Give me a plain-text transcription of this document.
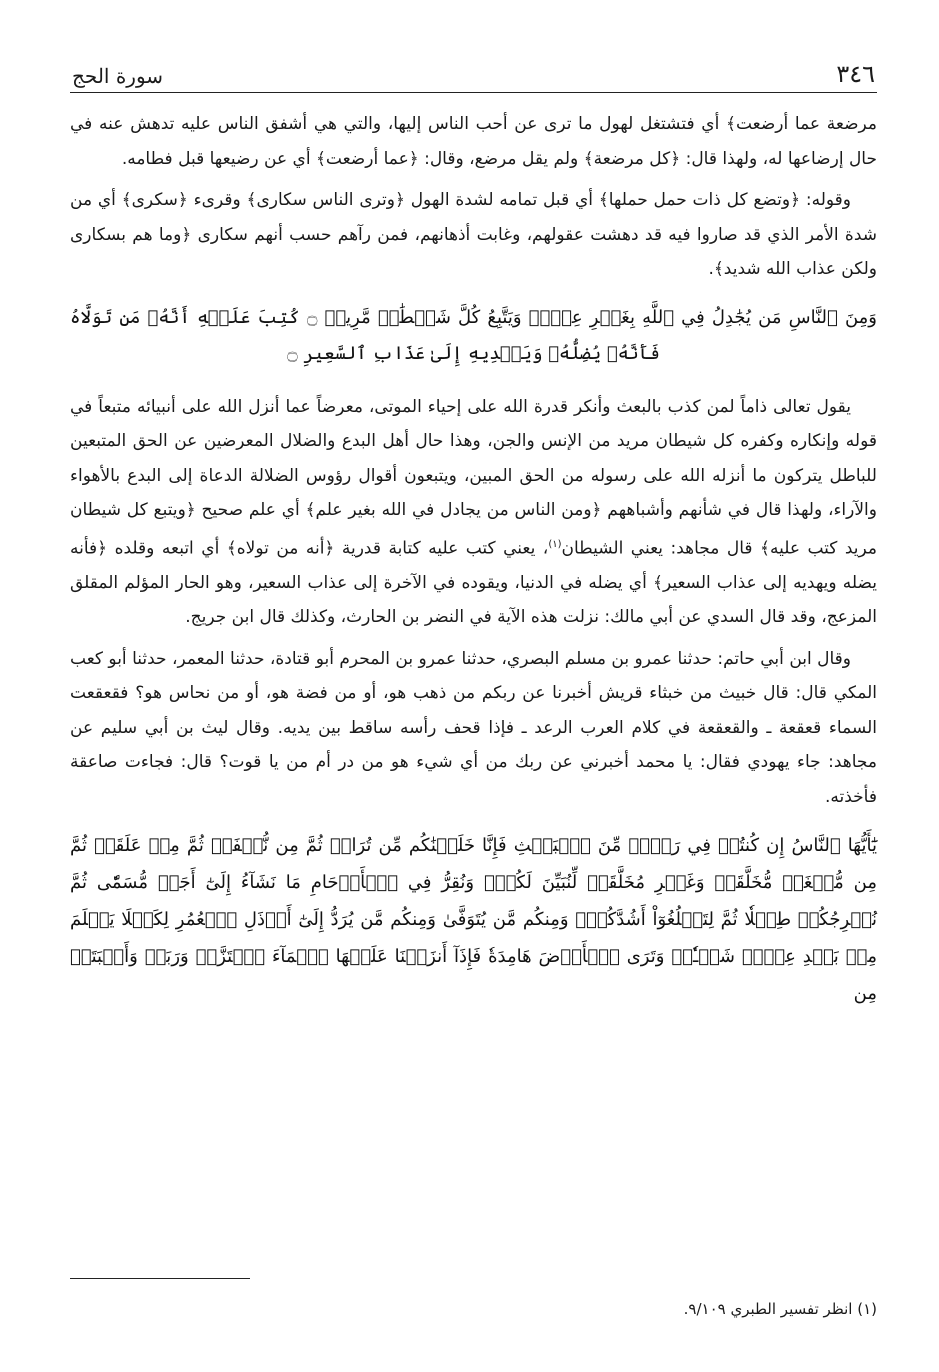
٣٤٦
سورة الحج

مرضعة عما أرضعت﴾ أي فتشتغل لهول ما ترى عن أحب الناس إليها، والتي هي أشفق الناس عليه تدهش عنه في حال إرضاعها له، ولهذا قال: ﴿كل مرضعة﴾ ولم يقل مرضع، وقال: ﴿عما أرضعت﴾ أي عن رضيعها قبل فطامه.

وقوله: ﴿وتضع كل ذات حمل حملها﴾ أي قبل تمامه لشدة الهول ﴿وترى الناس سكارى﴾ وقرىء ﴿سكرى﴾ أي من شدة الأمر الذي قد صاروا فيه قد دهشت عقولهم، وغابت أذهانهم، فمن رآهم حسب أنهم سكارى ﴿وما هم بسكارى ولكن عذاب الله شديد﴾.

وَمِنَ ٱلنَّاسِ مَن يُجَٰدِلُ فِي ٱللَّهِ بِغَيۡرِ عِلۡمٖ وَيَتَّبِعُ كُلَّ شَيۡطَٰنٖ مَّرِيدٖ ۝ كُتِبَ عَلَيۡهِ أَنَّهُۥ مَن تَوَلَّاهُ فَأَنَّهُۥ يُضِلُّهُۥ وَيَهۡدِيهِ إِلَىٰ عَذَابِ ٱلسَّعِيرِ ۝

يقول تعالى ذاماً لمن كذب بالبعث وأنكر قدرة الله على إحياء الموتى، معرضاً عما أنزل الله على أنبيائه متبعاً في قوله وإنكاره وكفره كل شيطان مريد من الإنس والجن، وهذا حال أهل البدع والضلال المعرضين عن الحق المتبعين للباطل يتركون ما أنزله الله على رسوله من الحق المبين، ويتبعون أقوال رؤوس الضلالة الدعاة إلى البدع بالأهواء والآراء، ولهذا قال في شأنهم وأشباههم ﴿ومن الناس من يجادل في الله بغير علم﴾ أي علم صحيح ﴿ويتبع كل شيطان مريد كتب عليه﴾ قال مجاهد: يعني الشيطان$^{(١)}$، يعني كتب عليه كتابة قدرية ﴿أنه من تولاه﴾ أي اتبعه وقلده ﴿فأنه يضله ويهديه إلى عذاب السعير﴾ أي يضله في الدنيا، ويقوده في الآخرة إلى عذاب السعير، وهو الحار المؤلم المقلق المزعج، وقد قال السدي عن أبي مالك: نزلت هذه الآية في النضر بن الحارث، وكذلك قال ابن جريج.

وقال ابن أبي حاتم: حدثنا عمرو بن مسلم البصري، حدثنا عمرو بن المحرم أبو قتادة، حدثنا المعمر، حدثنا أبو كعب المكي قال: قال خبيث من خبثاء قريش أخبرنا عن ربكم من ذهب هو، أو من فضة هو، أو من نحاس هو؟ فقعقعت السماء قعقعة ـ والقعقعة في كلام العرب الرعد ـ فإذا قحف رأسه ساقط بين يديه. وقال ليث بن أبي سليم عن مجاهد: جاء يهودي فقال: يا محمد أخبرني عن ربك من أي شيء هو من در أم من يا قوت؟ قال: فجاءت صاعقة فأخذته.

يَٰٓأَيُّهَا ٱلنَّاسُ إِن كُنتُمۡ فِي رَيۡبٖ مِّنَ ٱلۡبَعۡثِ فَإِنَّا خَلَقۡنَٰكُم مِّن تُرَابٖ ثُمَّ مِن نُّطۡفَةٖ ثُمَّ مِنۡ عَلَقَةٖ ثُمَّ مِن مُّضۡغَةٖ مُّخَلَّقَةٖ وَغَيۡرِ مُخَلَّقَةٖ لِّنُبَيِّنَ لَكُمۡۚ وَنُقِرُّ فِي ٱلۡأَرۡحَامِ مَا نَشَآءُ إِلَىٰٓ أَجَلٖ مُّسَمّٗى ثُمَّ نُخۡرِجُكُمۡ طِفۡلٗا ثُمَّ لِتَبۡلُغُوٓاْ أَشُدَّكُمۡۖ وَمِنكُم مَّن يُتَوَفَّىٰ وَمِنكُم مَّن يُرَدُّ إِلَىٰٓ أَرۡذَلِ ٱلۡعُمُرِ لِكَيۡلَا يَعۡلَمَ مِنۢ بَعۡدِ عِلۡمٖ شَيۡـٔٗاۚ وَتَرَى ٱلۡأَرۡضَ هَامِدَةٗ فَإِذَآ أَنزَلۡنَا عَلَيۡهَا ٱلۡمَآءَ ٱهۡتَزَّتۡ وَرَبَتۡ وَأَنۢبَتَتۡ مِن
(١) انظر تفسير الطبري ٩/١٠٩.
